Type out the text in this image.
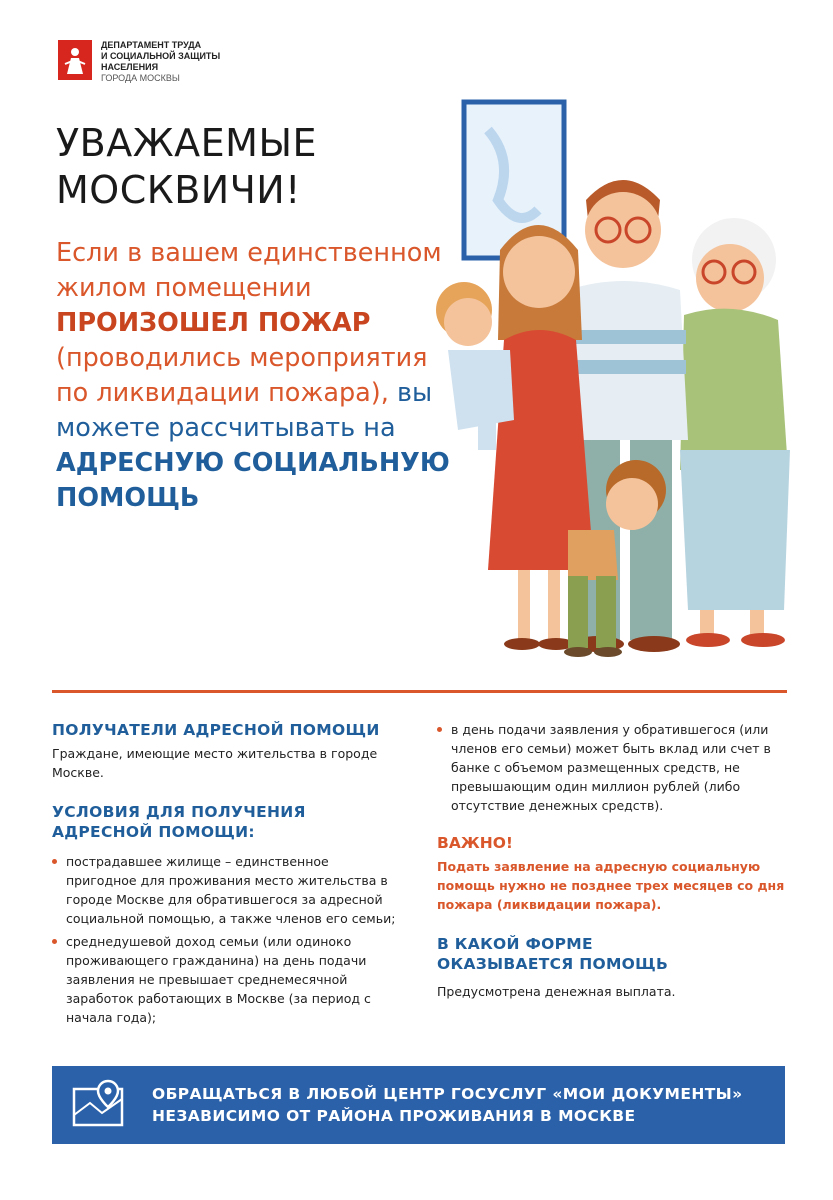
ДЕПАРТАМЕНТ ТРУДА
И СОЦИАЛЬНОЙ ЗАЩИТЫ
НАСЕЛЕНИЯ
ГОРОДА МОСКВЫ
УВАЖАЕМЫЕ
МОСКВИЧИ!
Если в вашем единственном жилом помещении ПРОИЗОШЕЛ ПОЖАР (проводились мероприятия по ликвидации пожара), вы можете рассчитывать на АДРЕСНУЮ СОЦИАЛЬНУЮ ПОМОЩЬ
ПОЛУЧАТЕЛИ АДРЕСНОЙ ПОМОЩИ
Граждане, имеющие место жительства в городе Москве.
УСЛОВИЯ ДЛЯ ПОЛУЧЕНИЯ АДРЕСНОЙ ПОМОЩИ:
пострадавшее жилище – единственное пригодное для проживания место жительства в городе Москве для обратившегося за адресной социальной помощью, а также членов его семьи;
среднедушевой доход семьи (или одиноко проживающего гражданина) на день подачи заявления не превышает среднемесячной заработок работающих в Москве (за период с начала года);
в день подачи заявления у обратившегося (или членов его семьи) может быть вклад или счет в банке с объемом размещенных средств, не превышающим один миллион рублей (либо отсутствие денежных средств).
ВАЖНО!
Подать заявление на адресную социальную помощь нужно не позднее трех месяцев со дня пожара (ликвидации пожара).
В КАКОЙ ФОРМЕ ОКАЗЫВАЕТСЯ ПОМОЩЬ
Предусмотрена денежная выплата.
ОБРАЩАТЬСЯ В ЛЮБОЙ ЦЕНТР ГОСУСЛУГ «МОИ ДОКУМЕНТЫ»
НЕЗАВИСИМО ОТ РАЙОНА ПРОЖИВАНИЯ В МОСКВЕ
